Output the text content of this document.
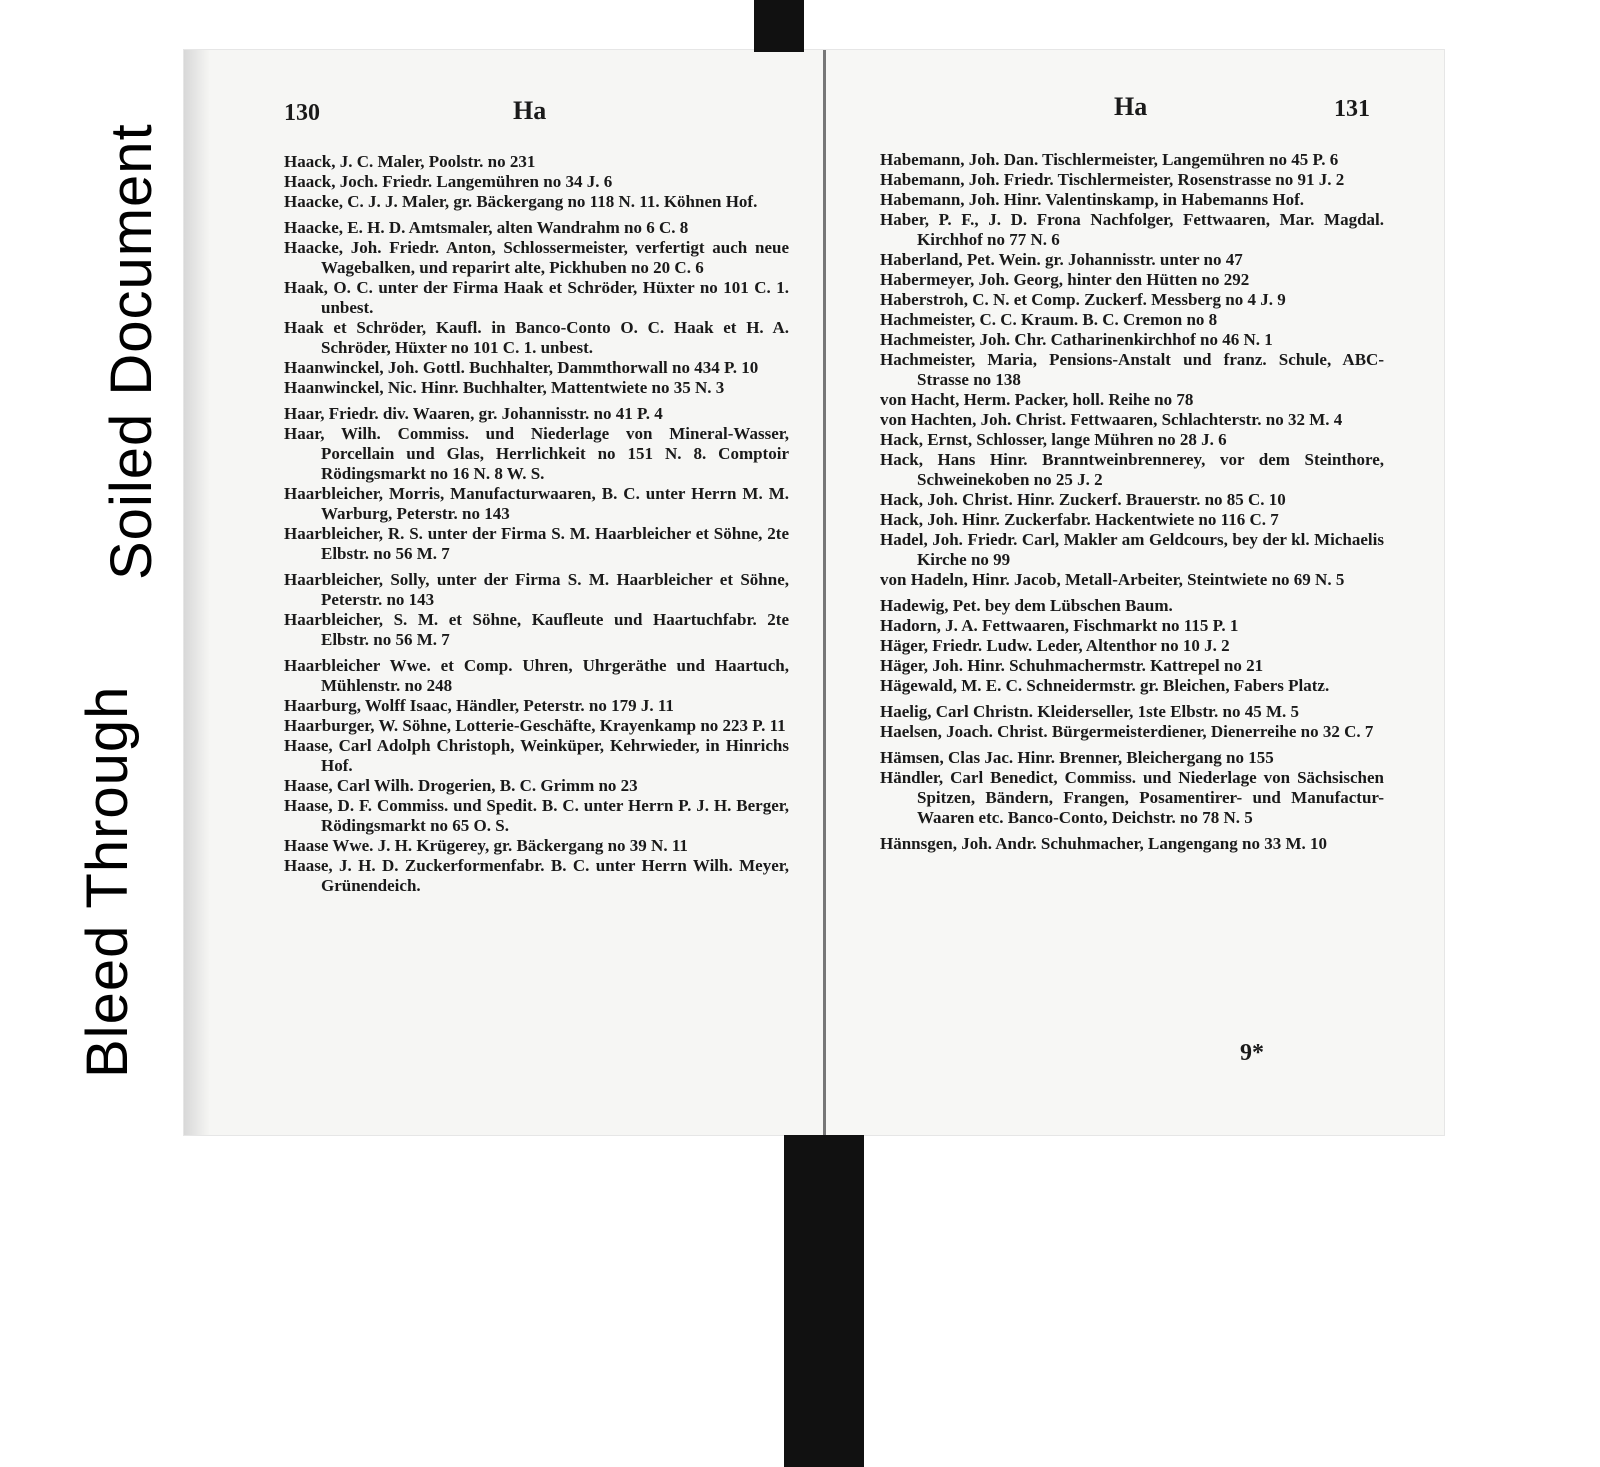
Bleed Through
Soiled Document
130	Ha	Ha	131

Haack, J. C. Maler, Poolstr. no 231

Haack, Joch. Friedr. Langemühren no 34 J. 6

Haacke, C. J. J. Maler, gr. Bäckergang no 118 N. 11. Köhnen Hof.

Haacke, E. H. D. Amtsmaler, alten Wandrahm no 6 C. 8

Haacke, Joh. Friedr. Anton, Schlossermeister, verfertigt auch neue Wagebalken, und reparirt alte, Pickhuben no 20 C. 6

Haak, O. C. unter der Firma Haak et Schröder, Hüxter no 101 C. 1. unbest.

Haak et Schröder, Kaufl. in Banco-Conto O. C. Haak et H. A. Schröder, Hüxter no 101 C. 1. unbest.

Haanwinckel, Joh. Gottl. Buchhalter, Dammthorwall no 434 P. 10

Haanwinckel, Nic. Hinr. Buchhalter, Mattentwiete no 35 N. 3

Haar, Friedr. div. Waaren, gr. Johannisstr. no 41 P. 4

Haar, Wilh. Commiss. und Niederlage von Mineral-Wasser, Porcellain und Glas, Herrlichkeit no 151 N. 8. Comptoir Rödingsmarkt no 16 N. 8 W. S.

Haarbleicher, Morris, Manufacturwaaren, B. C. unter Herrn M. M. Warburg, Peterstr. no 143

Haarbleicher, R. S. unter der Firma S. M. Haarbleicher et Söhne, 2te Elbstr. no 56 M. 7

Haarbleicher, Solly, unter der Firma S. M. Haarbleicher et Söhne, Peterstr. no 143

Haarbleicher, S. M. et Söhne, Kaufleute und Haartuchfabr. 2te Elbstr. no 56 M. 7

Haarbleicher Wwe. et Comp. Uhren, Uhrgeräthe und Haartuch, Mühlenstr. no 248

Haarburg, Wolff Isaac, Händler, Peterstr. no 179 J. 11

Haarburger, W. Söhne, Lotterie-Geschäfte, Krayenkamp no 223 P. 11

Haase, Carl Adolph Christoph, Weinküper, Kehrwieder, in Hinrichs Hof.

Haase, Carl Wilh. Drogerien, B. C. Grimm no 23

Haase, D. F. Commiss. und Spedit. B. C. unter Herrn P. J. H. Berger, Rödingsmarkt no 65 O. S.

Haase Wwe. J. H. Krügerey, gr. Bäckergang no 39 N. 11

Haase, J. H. D. Zuckerformenfabr. B. C. unter Herrn Wilh. Meyer, Grünendeich.

Habemann, Joh. Dan. Tischlermeister, Langemühren no 45 P. 6

Habemann, Joh. Friedr. Tischlermeister, Rosenstrasse no 91 J. 2

Habemann, Joh. Hinr. Valentinskamp, in Habemanns Hof.

Haber, P. F., J. D. Frona Nachfolger, Fettwaaren, Mar. Magdal. Kirchhof no 77 N. 6

Haberland, Pet. Wein. gr. Johannisstr. unter no 47

Habermeyer, Joh. Georg, hinter den Hütten no 292

Haberstroh, C. N. et Comp. Zuckerf. Messberg no 4 J. 9

Hachmeister, C. C. Kraum. B. C. Cremon no 8

Hachmeister, Joh. Chr. Catharinenkirchhof no 46 N. 1

Hachmeister, Maria, Pensions-Anstalt und franz. Schule, ABC-Strasse no 138

von Hacht, Herm. Packer, holl. Reihe no 78

von Hachten, Joh. Christ. Fettwaaren, Schlachterstr. no 32 M. 4

Hack, Ernst, Schlosser, lange Mühren no 28 J. 6

Hack, Hans Hinr. Branntweinbrennerey, vor dem Steinthore, Schweinekoben no 25 J. 2

Hack, Joh. Christ. Hinr. Zuckerf. Brauerstr. no 85 C. 10

Hack, Joh. Hinr. Zuckerfabr. Hackentwiete no 116 C. 7

Hadel, Joh. Friedr. Carl, Makler am Geldcours, bey der kl. Michaelis Kirche no 99

von Hadeln, Hinr. Jacob, Metall-Arbeiter, Steintwiete no 69 N. 5

Hadewig, Pet. bey dem Lübschen Baum.

Hadorn, J. A. Fettwaaren, Fischmarkt no 115 P. 1

Häger, Friedr. Ludw. Leder, Altenthor no 10 J. 2

Häger, Joh. Hinr. Schuhmachermstr. Kattrepel no 21

Hägewald, M. E. C. Schneidermstr. gr. Bleichen, Fabers Platz.

Haelig, Carl Christn. Kleiderseller, 1ste Elbstr. no 45 M. 5

Haelsen, Joach. Christ. Bürgermeisterdiener, Dienerreihe no 32 C. 7

Hämsen, Clas Jac. Hinr. Brenner, Bleichergang no 155

Händler, Carl Benedict, Commiss. und Niederlage von Sächsischen Spitzen, Bändern, Frangen, Posamentirer- und Manufactur-Waaren etc. Banco-Conto, Deichstr. no 78 N. 5

Hännsgen, Joh. Andr. Schuhmacher, Langengang no 33 M. 10

9*
